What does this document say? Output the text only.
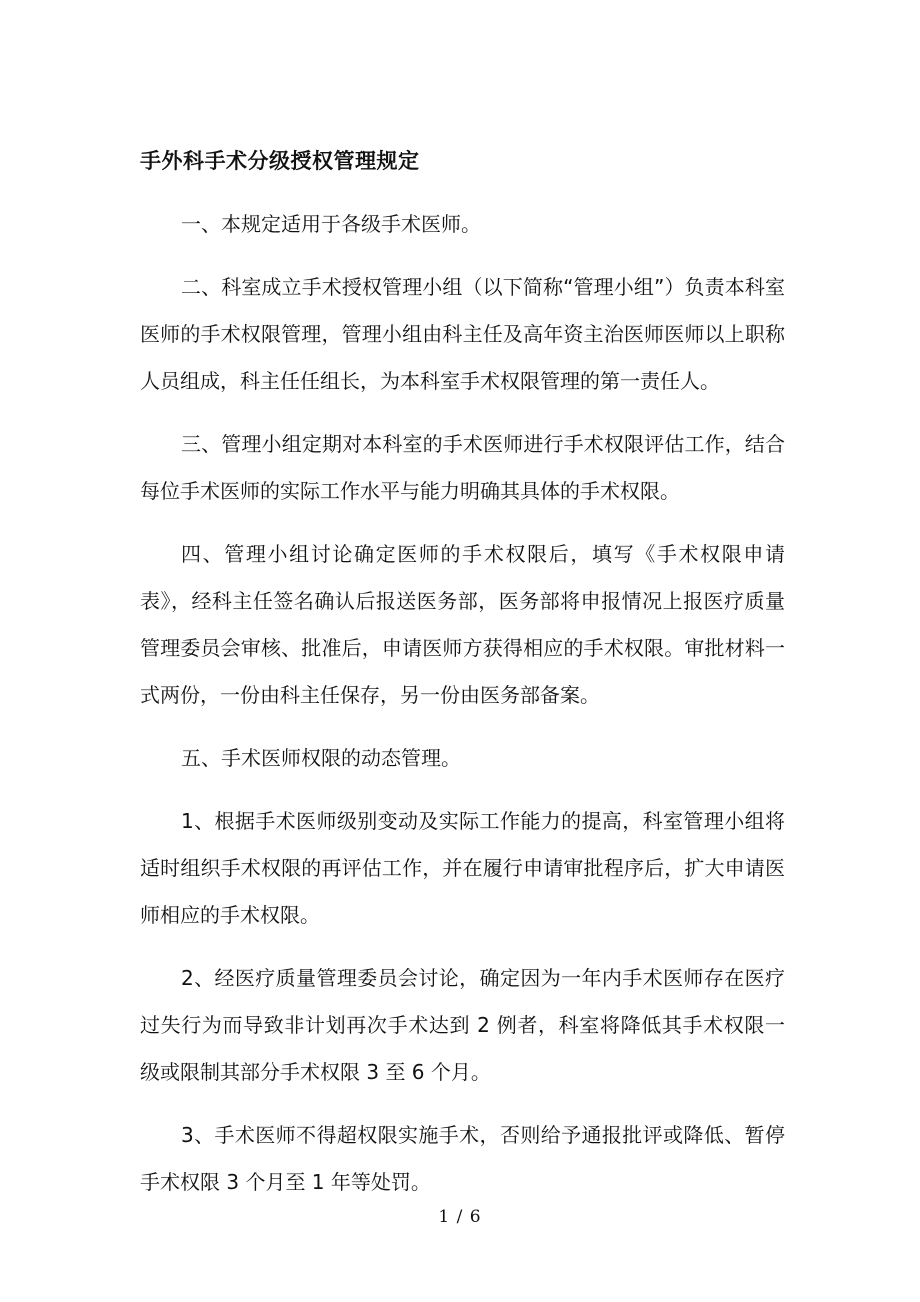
手外科手术分级授权管理规定

一、本规定适用于各级手术医师。

二、科室成立手术授权管理小组（以下简称“管理小组”）负责本科室医师的手术权限管理，管理小组由科主任及高年资主治医师医师以上职称人员组成，科主任任组长，为本科室手术权限管理的第一责任人。

三、管理小组定期对本科室的手术医师进行手术权限评估工作，结合每位手术医师的实际工作水平与能力明确其具体的手术权限。

四、管理小组讨论确定医师的手术权限后，填写《手术权限申请表》，经科主任签名确认后报送医务部，医务部将申报情况上报医疗质量管理委员会审核、批准后，申请医师方获得相应的手术权限。审批材料一式两份，一份由科主任保存，另一份由医务部备案。

五、手术医师权限的动态管理。

1、根据手术医师级别变动及实际工作能力的提高，科室管理小组将适时组织手术权限的再评估工作，并在履行申请审批程序后，扩大申请医师相应的手术权限。

2、经医疗质量管理委员会讨论，确定因为一年内手术医师存在医疗过失行为而导致非计划再次手术达到 2 例者，科室将降低其手术权限一级或限制其部分手术权限 3 至 6 个月。

3、手术医师不得超权限实施手术，否则给予通报批评或降低、暂停手术权限 3 个月至 1 年等处罚。

1 / 6
